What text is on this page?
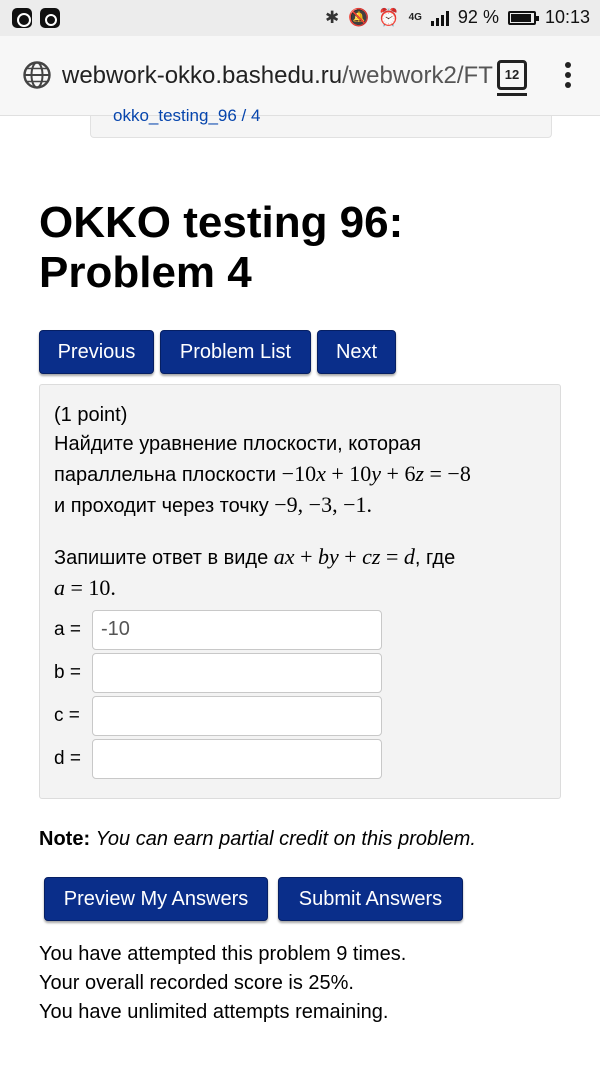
✱ 🔕 ⏰ 4G 92 %	10:13
webwork-okko.bashedu.ru/webwork2/FT 12
okko_testing_96 / 4
OKKO testing 96:
Problem 4
Previous	Problem List	Next
(1 point)
Найдите уравнение плоскости, которая
параллельна плоскости −10x + 10y + 6z = −8
и проходит через точку −9, −3, −1.
Запишите ответ в виде ax + by + cz = d, где
a = 10.
a =
-10
b =
c =
d =
Note: You can earn partial credit on this problem.
Preview My Answers	Submit Answers
You have attempted this problem 9 times.
Your overall recorded score is 25%.
You have unlimited attempts remaining.
